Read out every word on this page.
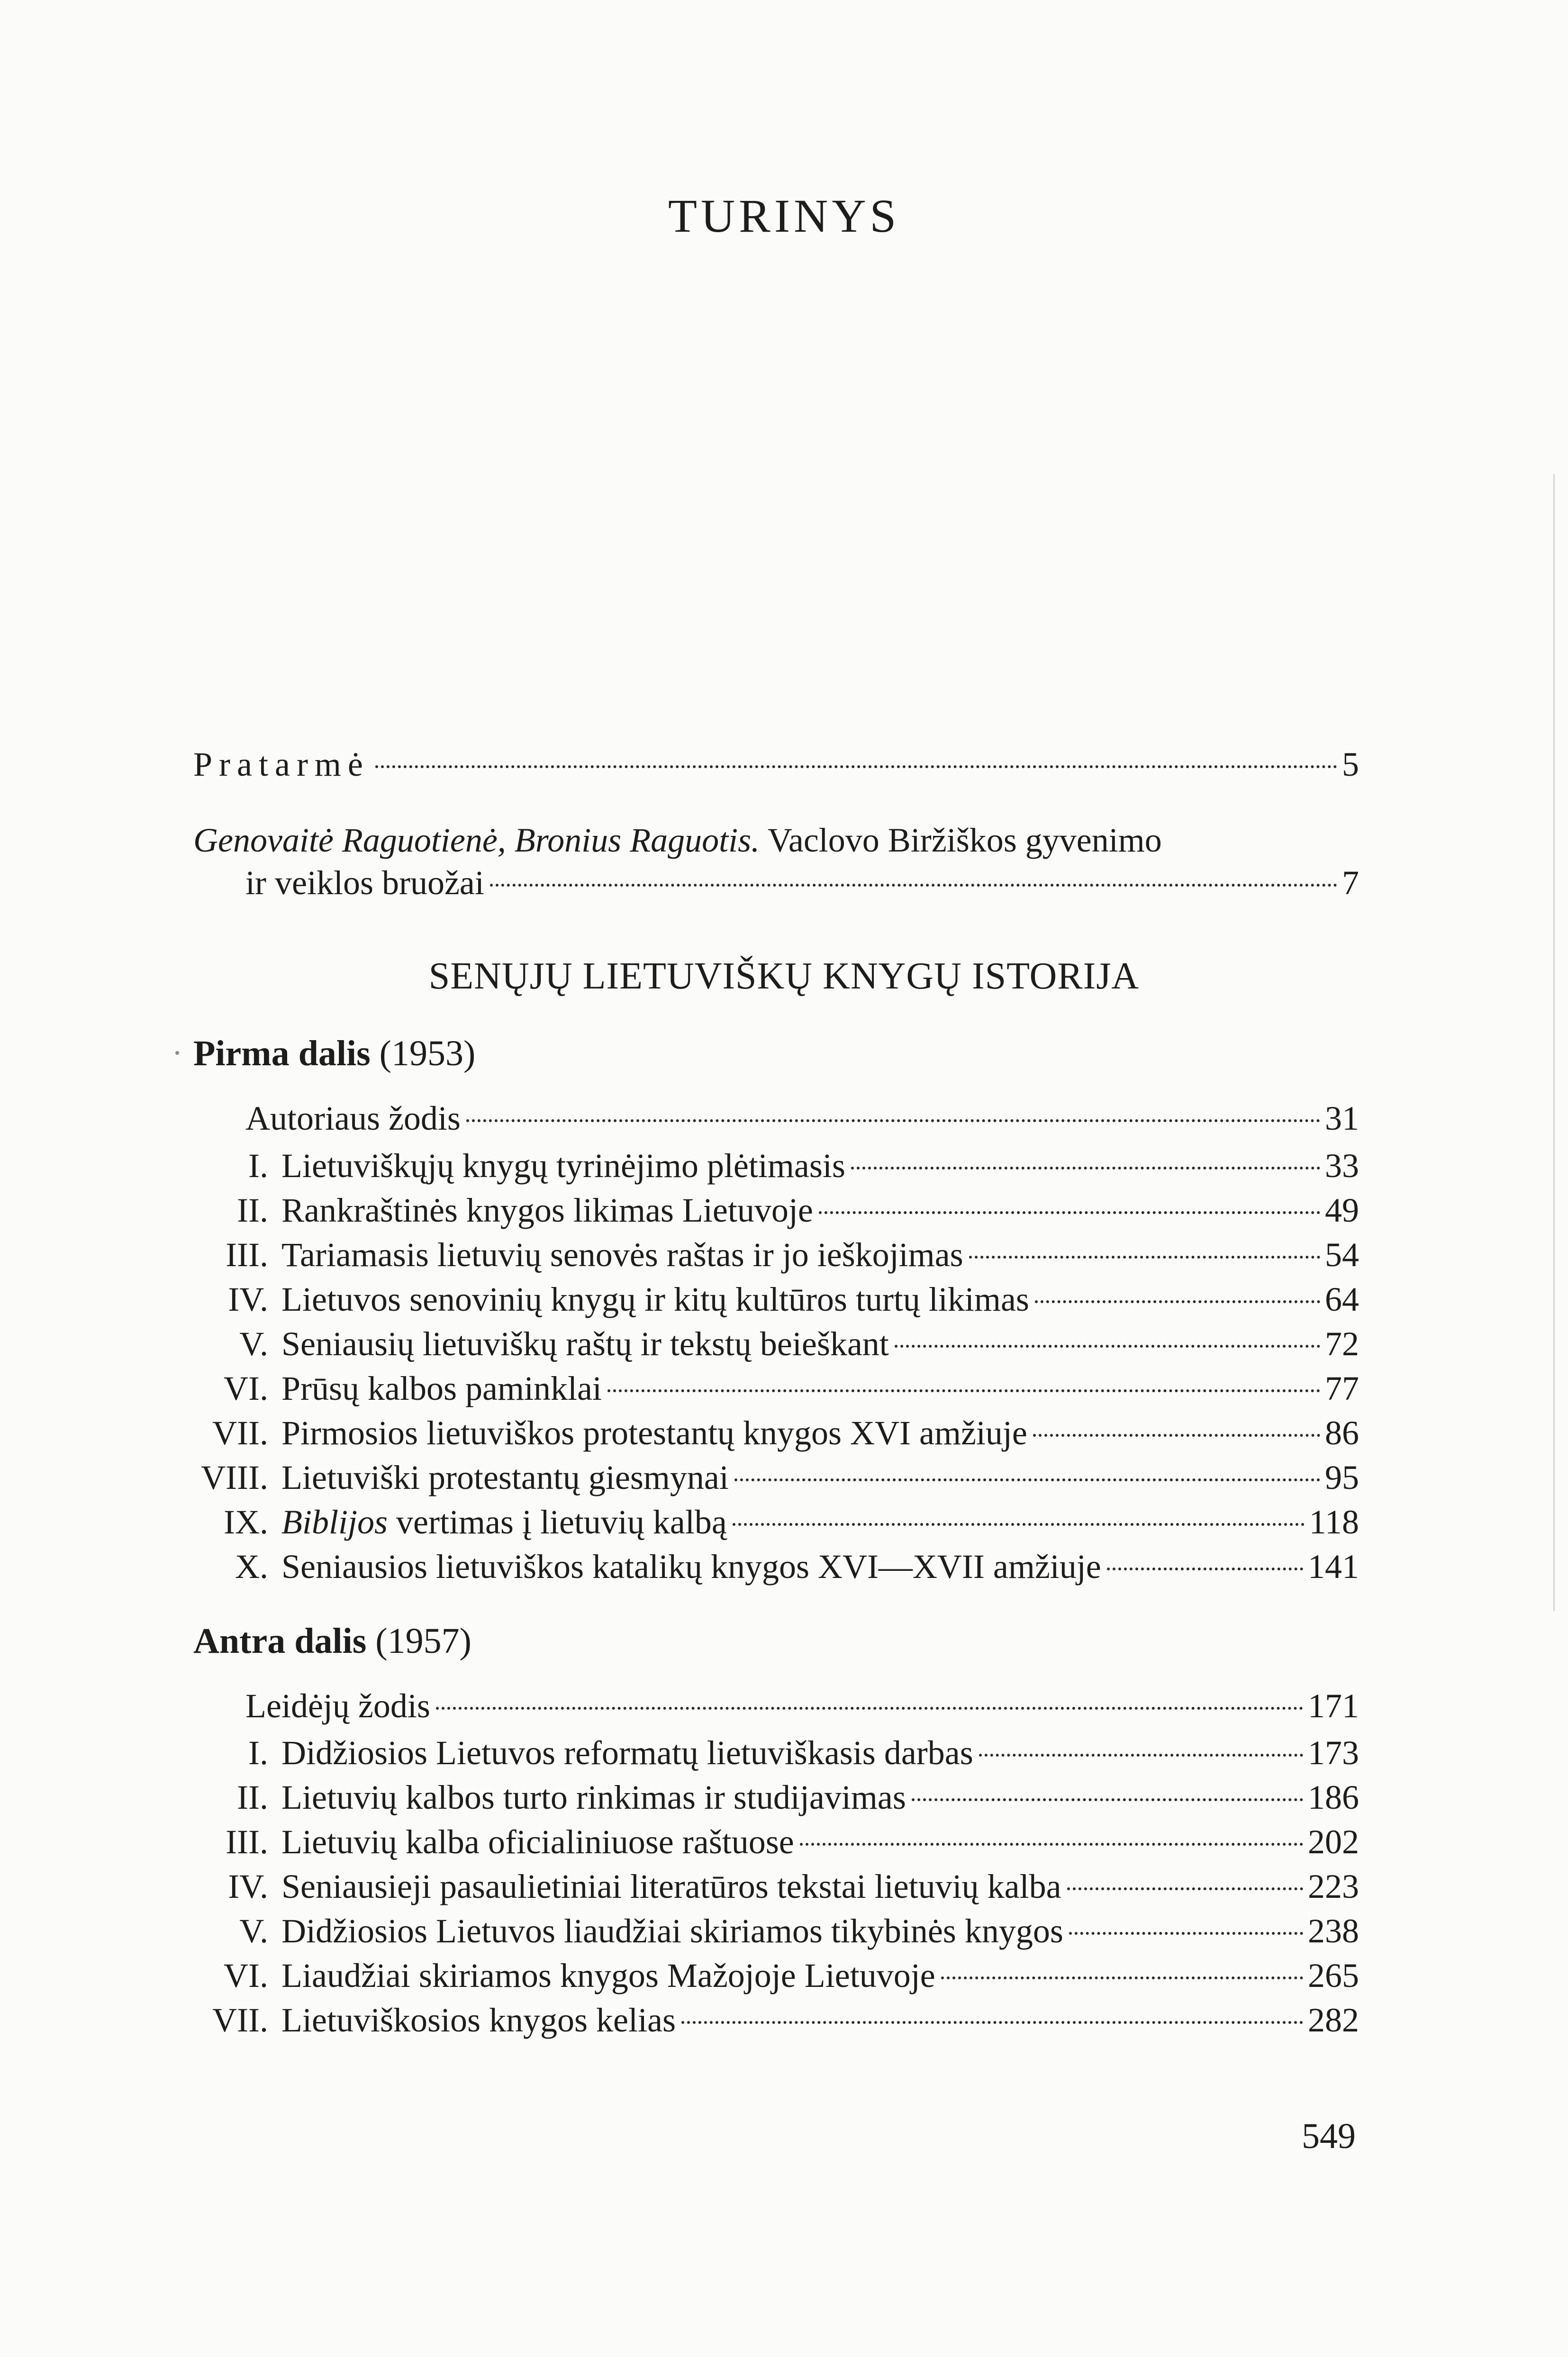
TURINYS
Pratarmė	5
Genovaitė Raguotienė, Bronius Raguotis. Vaclovo Biržiškos gyvenimo
ir veiklos bruožai	7
SENŲJŲ LIETUVIŠKŲ KNYGŲ ISTORIJA
Pirma dalis (1953)
Autoriaus žodis	31
I. Lietuviškųjų knygų tyrinėjimo plėtimasis	33
II. Rankraštinės knygos likimas Lietuvoje	49
III. Tariamasis lietuvių senovės raštas ir jo ieškojimas	54
IV. Lietuvos senovinių knygų ir kitų kultūros turtų likimas	64
V. Seniausių lietuviškų raštų ir tekstų beieškant	72
VI. Prūsų kalbos paminklai	77
VII. Pirmosios lietuviškos protestantų knygos XVI amžiuje	86
VIII. Lietuviški protestantų giesmynai	95
IX. Biblijos vertimas į lietuvių kalbą	118
X. Seniausios lietuviškos katalikų knygos XVI—XVII amžiuje	141
Antra dalis (1957)
Leidėjų žodis	171
I. Didžiosios Lietuvos reformatų lietuviškasis darbas	173
II. Lietuvių kalbos turto rinkimas ir studijavimas	186
III. Lietuvių kalba oficialiniuose raštuose	202
IV. Seniausieji pasaulietiniai literatūros tekstai lietuvių kalba	223
V. Didžiosios Lietuvos liaudžiai skiriamos tikybinės knygos	238
VI. Liaudžiai skiriamos knygos Mažojoje Lietuvoje	265
VII. Lietuviškosios knygos kelias	282
549
